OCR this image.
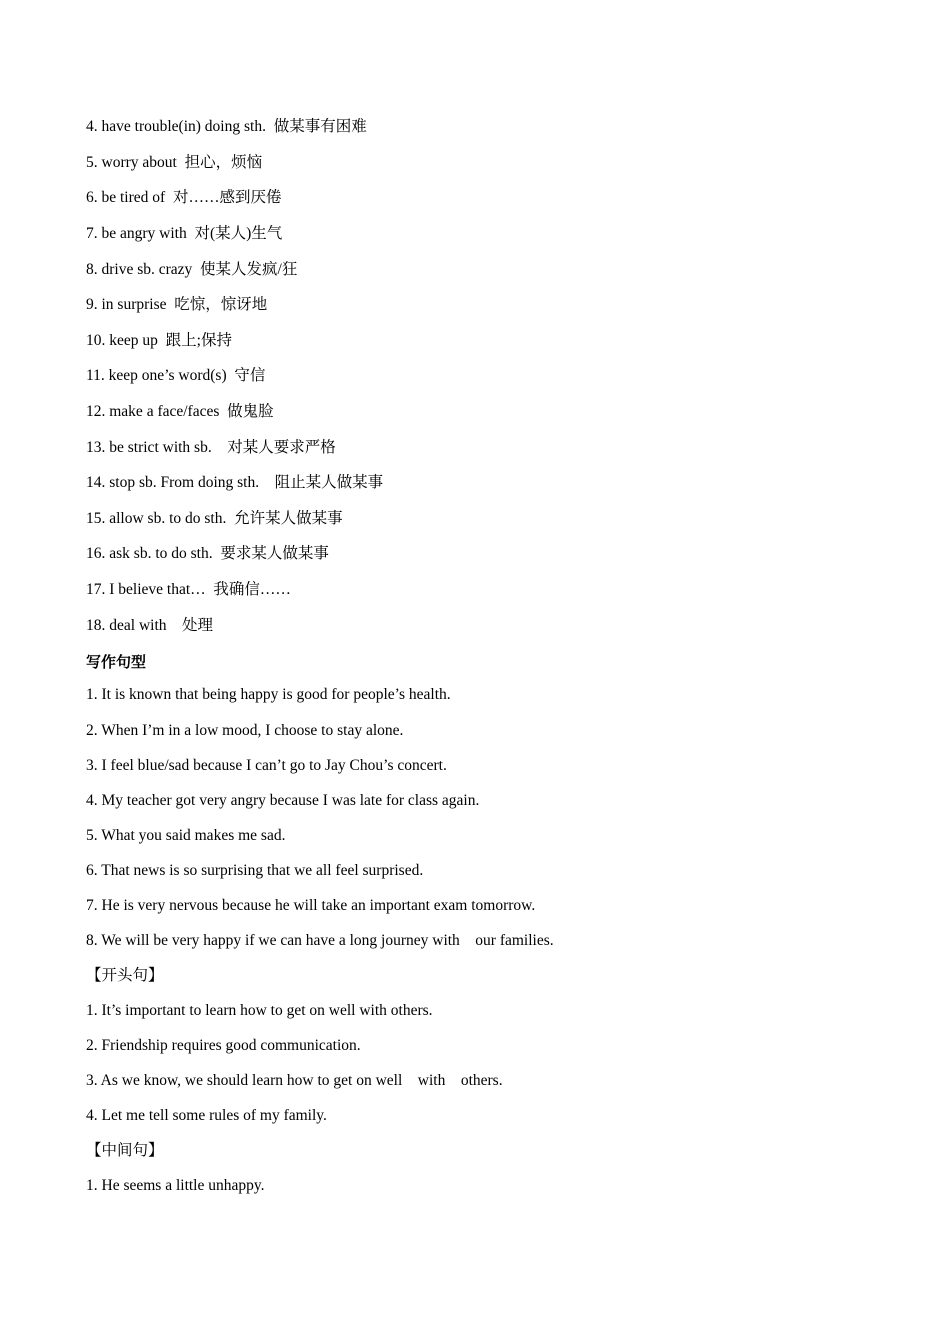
4. have trouble(in) doing sth.  做某事有困难
5. worry about  担心，烦恼
6. be tired of  对……感到厌倦
7. be angry with  对(某人)生气
8. drive sb. crazy  使某人发疯/狂
9. in surprise  吃惊，惊讶地
10. keep up  跟上;保持
11. keep one’s word(s)  守信
12. make a face/faces  做鬼脸
13. be strict with sb.    对某人要求严格
14. stop sb. From doing sth.    阻止某人做某事
15. allow sb. to do sth.  允许某人做某事
16. ask sb. to do sth.  要求某人做某事
17. I believe that…  我确信……
18. deal with    处理
写作句型
1. It is known that being happy is good for people’s health.
2. When I’m in a low mood, I choose to stay alone.
3. I feel blue/sad because I can’t go to Jay Chou’s concert.
4. My teacher got very angry because I was late for class again.
5. What you said makes me sad.
6. That news is so surprising that we all feel surprised.
7. He is very nervous because he will take an important exam tomorrow.
8. We will be very happy if we can have a long journey with    our families.
【开头句】
1. It’s important to learn how to get on well with others.
2. Friendship requires good communication.
3. As we know, we should learn how to get on well    with    others.
4. Let me tell some rules of my family.
【中间句】
1. He seems a little unhappy.
